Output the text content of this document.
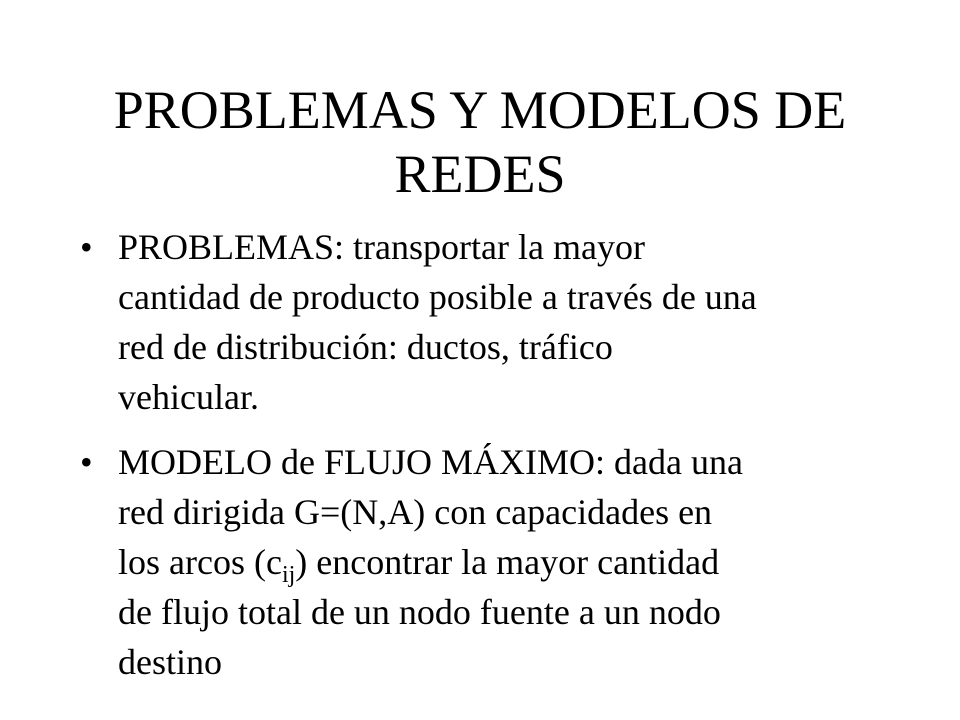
PROBLEMAS Y MODELOS DE
REDES
• PROBLEMAS: transportar la mayor
cantidad de producto posible a través de una
red de distribución: ductos, tráfico
vehicular.
• MODELO de FLUJO MÁXIMO: dada una
red dirigida G=(N,A) con capacidades en
los arcos $(c_{ij})$ encontrar la mayor cantidad
de flujo total de un nodo fuente a un nodo
destino
